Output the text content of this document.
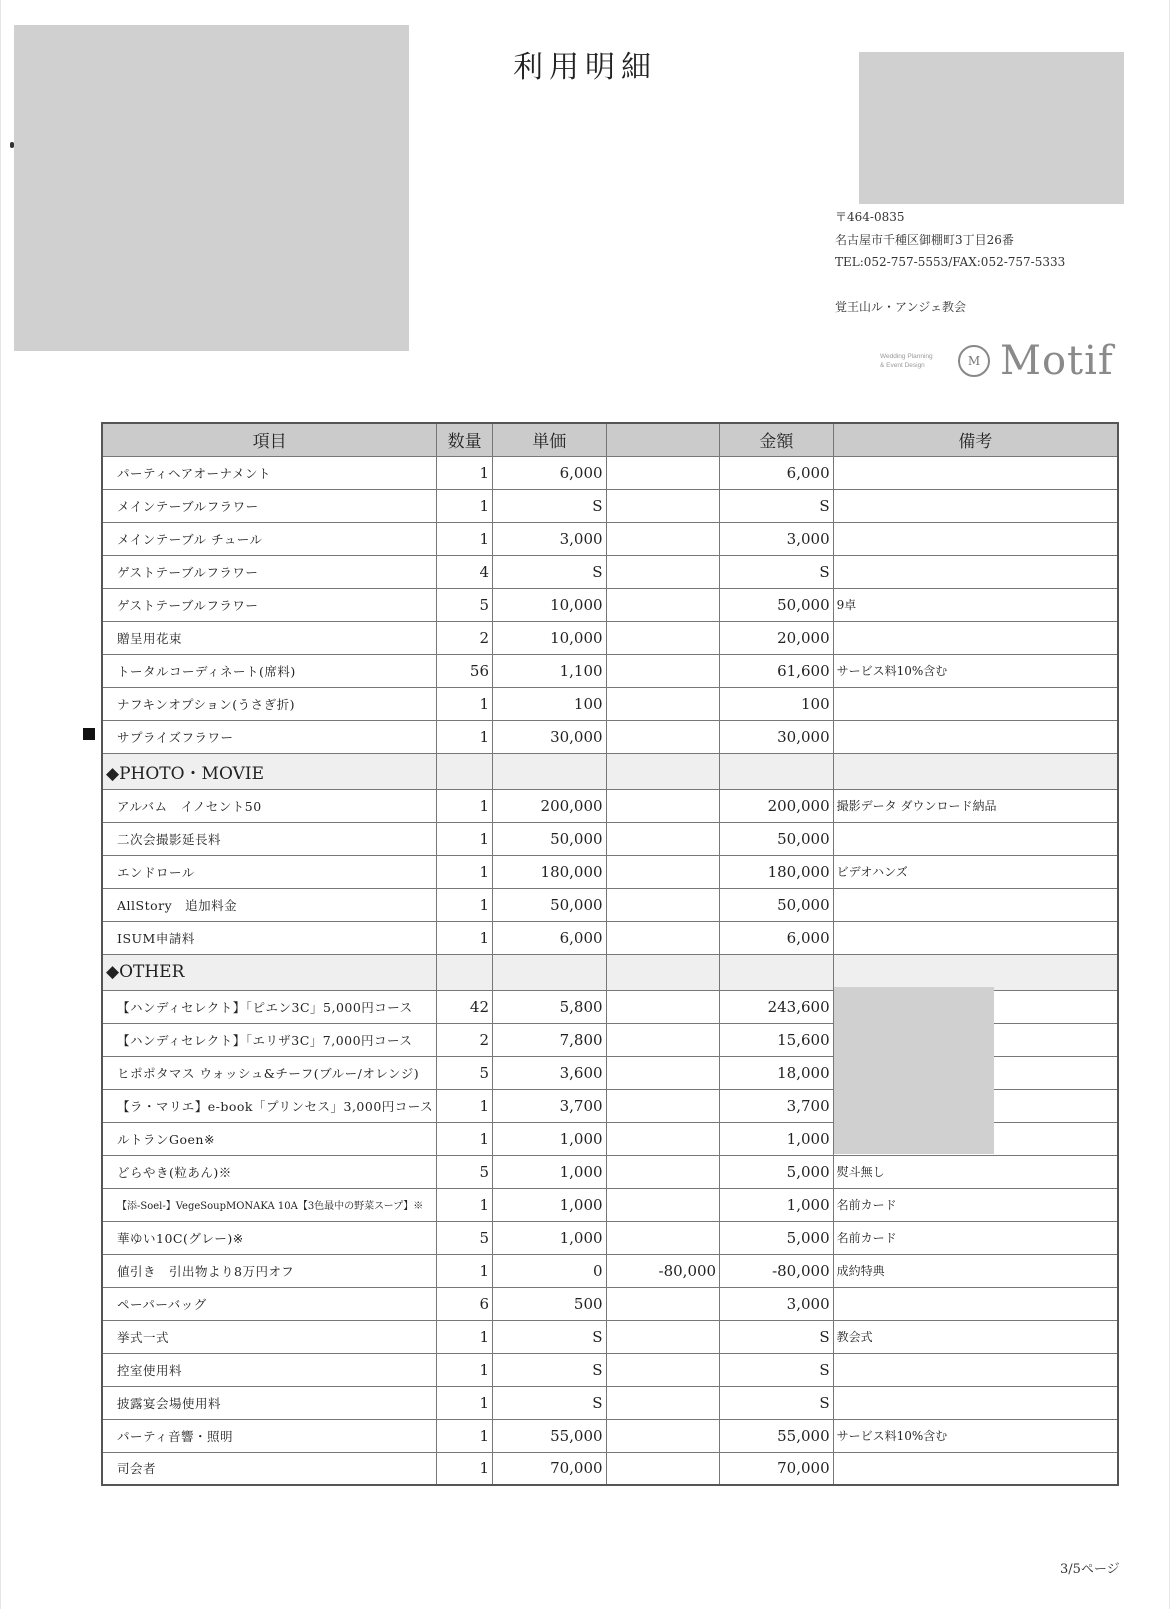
利用明細
〒464-0835
名古屋市千種区御棚町3丁目26番
TEL:052-757-5553/FAX:052-757-5333
覚王山ル・アンジェ教会
Wedding Planning
& Event Design	M Motif
項目	数量	単価		金額	備考
パーティヘアオーナメント	1	6,000		6,000	
メインテーブルフラワー	1	S		S	
メインテーブル チュール	1	3,000		3,000	
ゲストテーブルフラワー	4	S		S	
ゲストテーブルフラワー	5	10,000		50,000	9卓
贈呈用花束	2	10,000		20,000	
トータルコーディネート(席料)	56	1,100		61,600	サービス料10%含む
ナフキンオプション(うさぎ折)	1	100		100	
サプライズフラワー	1	30,000		30,000	
◆PHOTO・MOVIE					
アルバム　イノセント50	1	200,000		200,000	撮影データ ダウンロード納品
二次会撮影延長料	1	50,000		50,000	
エンドロール	1	180,000		180,000	ビデオハンズ
AllStory　追加料金	1	50,000		50,000	
ISUM申請料	1	6,000		6,000	
◆OTHER					
【ハンディセレクト】「ピエン3C」5,000円コース	42	5,800		243,600	
【ハンディセレクト】「エリザ3C」7,000円コース	2	7,800		15,600	
ヒポポタマス ウォッシュ&チーフ(ブルー/オレンジ)	5	3,600		18,000	
【ラ・マリエ】e-book「プリンセス」3,000円コース	1	3,700		3,700	
ルトランGoen※	1	1,000		1,000	
どらやき(粒あん)※	5	1,000		5,000	熨斗無し
【添-Soel-】VegeSoupMONAKA 10A【3色最中の野菜スープ】※	1	1,000		1,000	名前カード
華ゆい10C(グレー)※	5	1,000		5,000	名前カード
値引き　引出物より8万円オフ	1	0	-80,000	-80,000	成約特典
ペーパーバッグ	6	500		3,000	
挙式一式	1	S		S	教会式
控室使用料	1	S		S	
披露宴会場使用料	1	S		S	
パーティ音響・照明	1	55,000		55,000	サービス料10%含む
司会者	1	70,000		70,000	
3/5ページ
